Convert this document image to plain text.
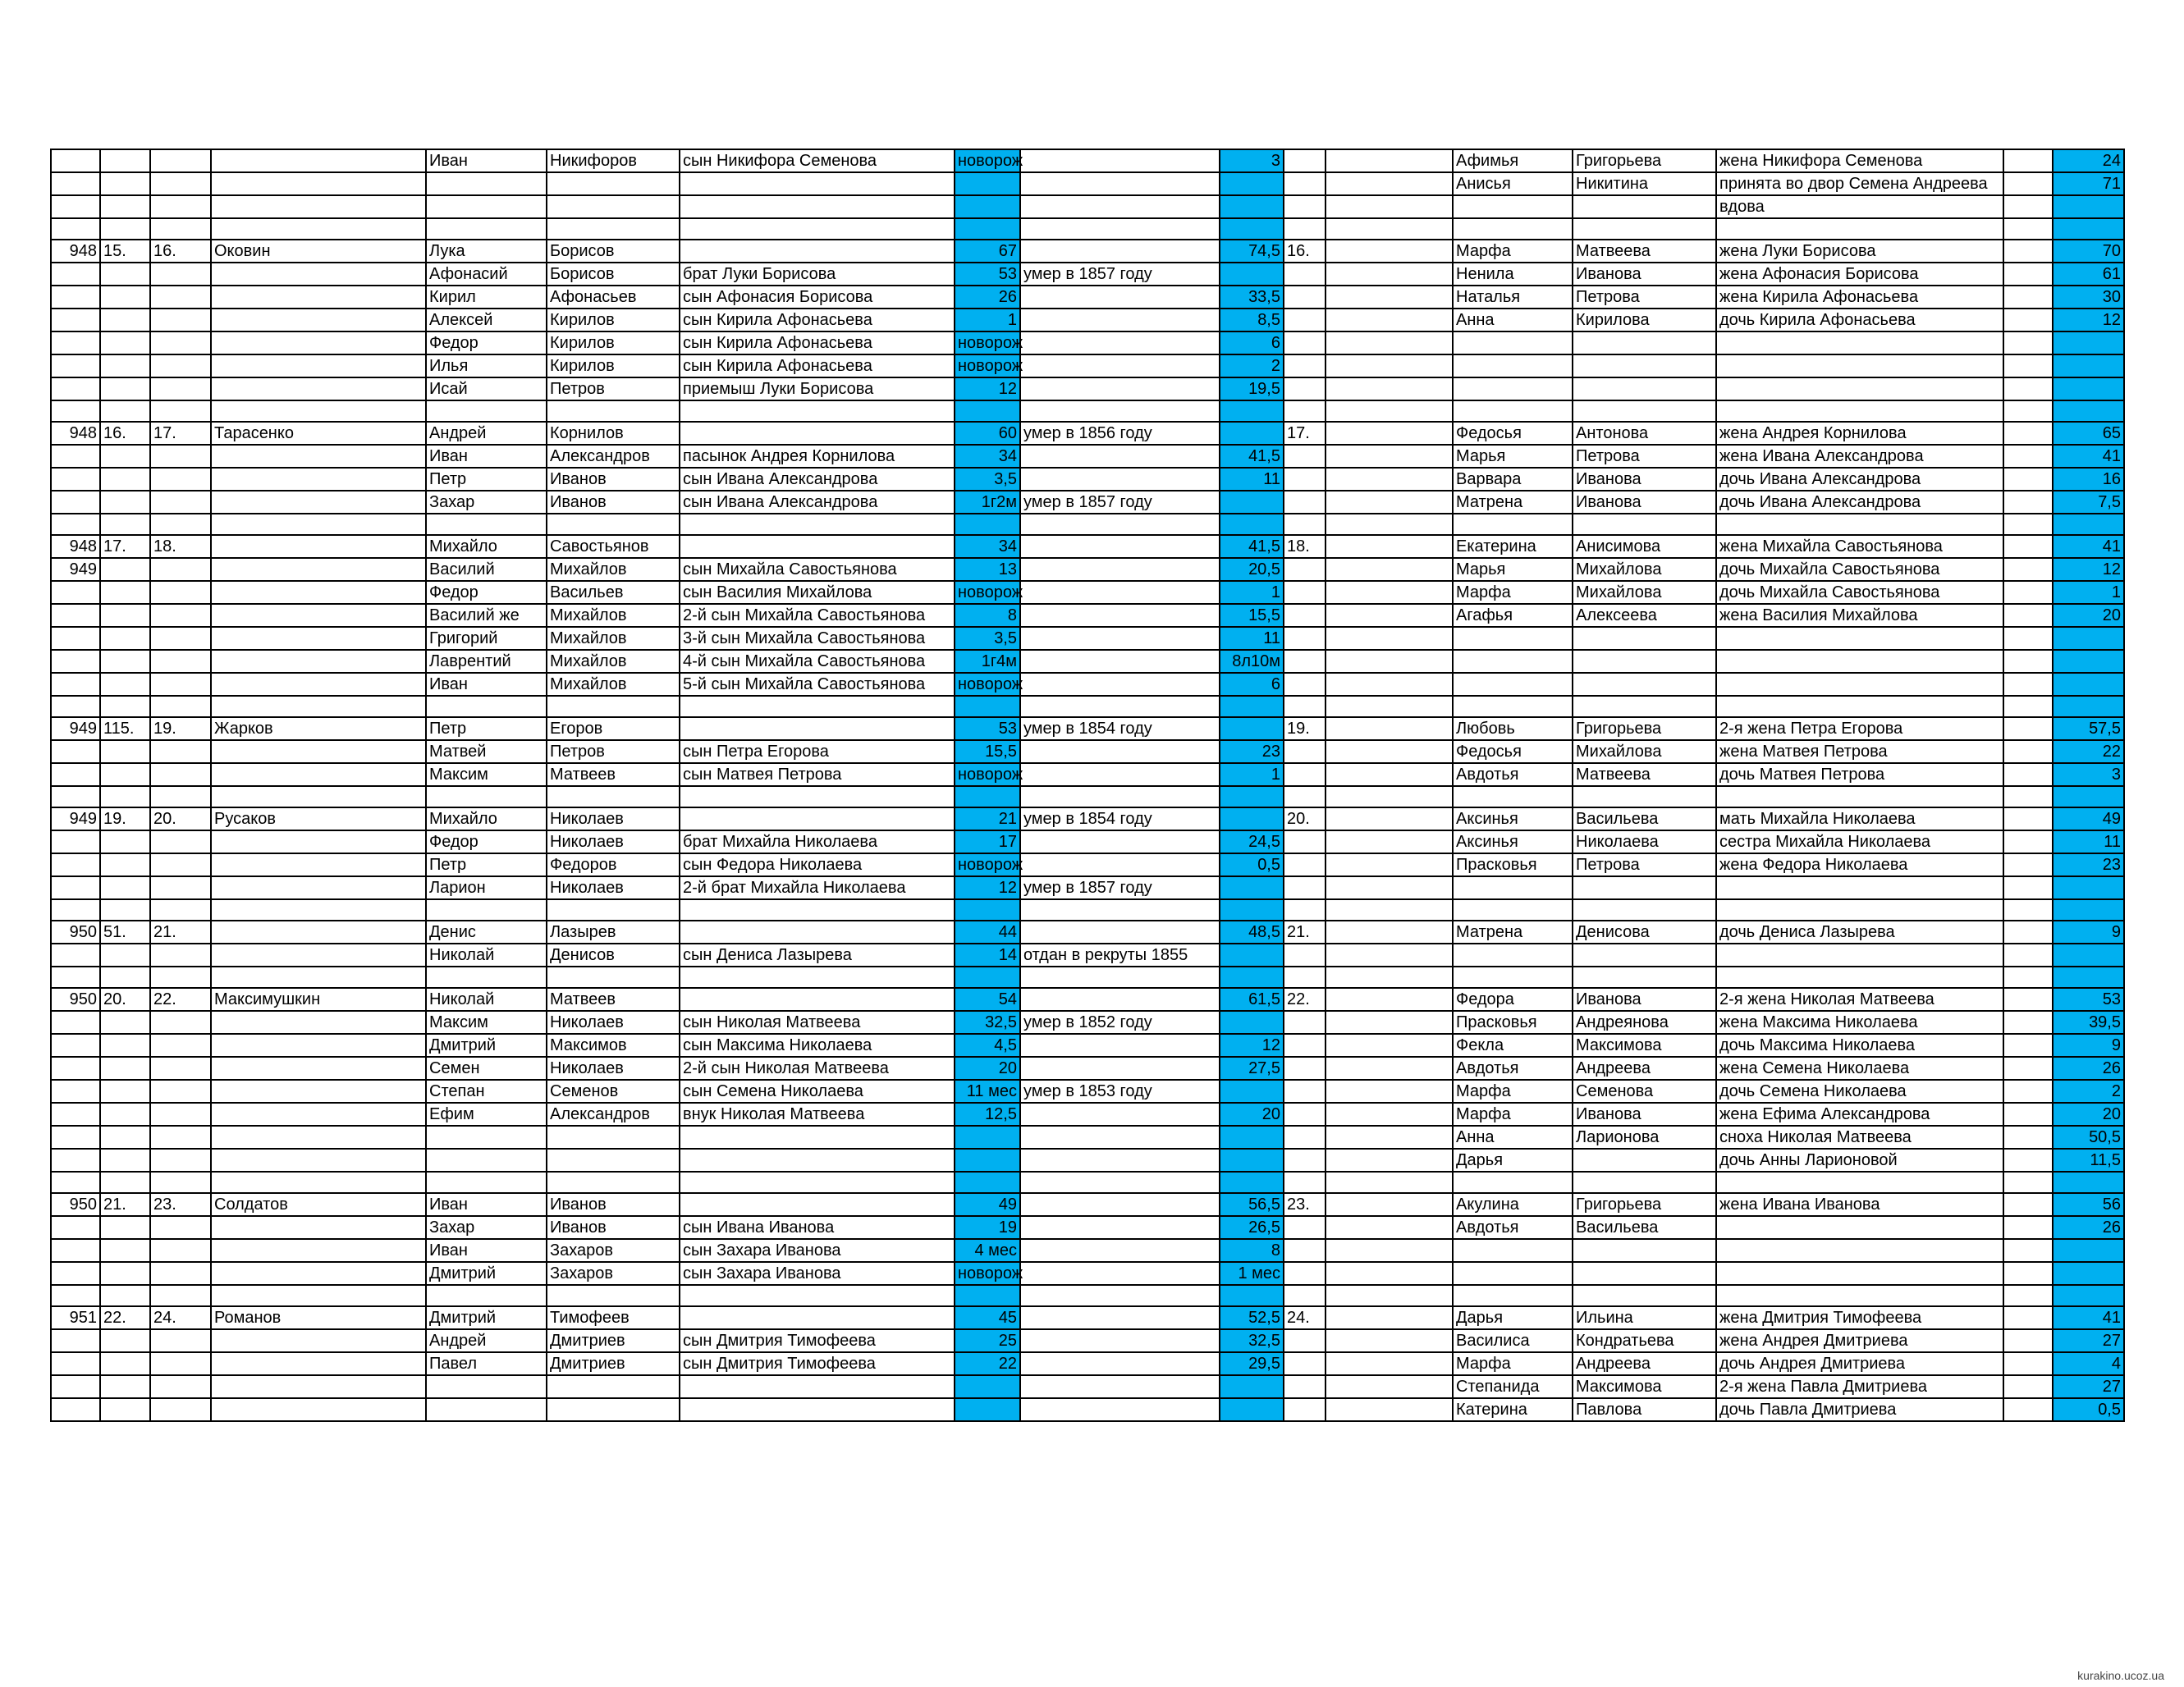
				Иван	Никифоров	сын Никифора Семенова	новорож		3			Афимья	Григорьева	жена Никифора Семенова		24
												Анисья	Никитина	принята во двор Семена Андреева		71
														вдова		

948	15.	16.	Оковин	Лука	Борисов		67		74,5	16.		Марфа	Матвеева	жена Луки Борисова		70
				Афонасий	Борисов	брат Луки Борисова	53	умер в 1857 году				Ненила	Иванова	жена Афонасия Борисова		61
				Кирил	Афонасьев	сын Афонасия Борисова	26		33,5			Наталья	Петрова	жена Кирила Афонасьева		30
				Алексей	Кирилов	сын Кирила Афонасьева	1		8,5			Анна	Кирилова	дочь Кирила Афонасьева		12
				Федор	Кирилов	сын Кирила Афонасьева	новорож		6							
				Илья	Кирилов	сын Кирила Афонасьева	новорож		2							
				Исай	Петров	приемыш Луки Борисова	12		19,5							

948	16.	17.	Тарасенко	Андрей	Корнилов		60	умер в 1856 году		17.		Федосья	Антонова	жена Андрея Корнилова		65
				Иван	Александров	пасынок Андрея Корнилова	34		41,5			Марья	Петрова	жена Ивана Александрова		41
				Петр	Иванов	сын Ивана Александрова	3,5		11			Варвара	Иванова	дочь Ивана Александрова		16
				Захар	Иванов	сын Ивана Александрова	1г2м	умер в 1857 году				Матрена	Иванова	дочь Ивана Александрова		7,5

948	17.	18.		Михайло	Савостьянов		34		41,5	18.		Екатерина	Анисимова	жена Михайла Савостьянова		41
949				Василий	Михайлов	сын Михайла Савостьянова	13		20,5			Марья	Михайлова	дочь Михайла Савостьянова		12
				Федор	Васильев	сын Василия Михайлова	новорож		1			Марфа	Михайлова	дочь Михайла Савостьянова		1
				Василий же	Михайлов	2-й сын Михайла Савостьянова	8		15,5			Агафья	Алексеева	жена Василия Михайлова		20
				Григорий	Михайлов	3-й сын Михайла Савостьянова	3,5		11							
				Лаврентий	Михайлов	4-й сын Михайла Савостьянова	1г4м		8л10м							
				Иван	Михайлов	5-й сын Михайла Савостьянова	новорож		6							

949	115.	19.	Жарков	Петр	Егоров		53	умер в 1854 году		19.		Любовь	Григорьева	2-я жена Петра Егорова		57,5
				Матвей	Петров	сын Петра Егорова	15,5		23			Федосья	Михайлова	жена Матвея Петрова		22
				Максим	Матвеев	сын Матвея Петрова	новорож		1			Авдотья	Матвеева	дочь Матвея Петрова		3

949	19.	20.	Русаков	Михайло	Николаев		21	умер в 1854 году		20.		Аксинья	Васильева	мать Михайла Николаева		49
				Федор	Николаев	брат Михайла Николаева	17		24,5			Аксинья	Николаева	сестра Михайла Николаева		11
				Петр	Федоров	сын Федора Николаева	новорож		0,5			Прасковья	Петрова	жена Федора Николаева		23
				Ларион	Николаев	2-й брат Михайла Николаева	12	умер в 1857 году								

950	51.	21.		Денис	Лазырев		44		48,5	21.		Матрена	Денисова	дочь Дениса Лазырева		9
				Николай	Денисов	сын Дениса Лазырева	14	отдан в рекруты 1855								

950	20.	22.	Максимушкин	Николай	Матвеев		54		61,5	22.		Федора	Иванова	2-я жена Николая Матвеева		53
				Максим	Николаев	сын Николая Матвеева	32,5	умер в 1852 году				Прасковья	Андреянова	жена Максима Николаева		39,5
				Дмитрий	Максимов	сын Максима Николаева	4,5		12			Фекла	Максимова	дочь Максима Николаева		9
				Семен	Николаев	2-й сын Николая Матвеева	20		27,5			Авдотья	Андреева	жена Семена Николаева		26
				Степан	Семенов	сын Семена Николаева	11 мес	умер в 1853 году				Марфа	Семенова	дочь Семена Николаева		2
				Ефим	Александров	внук Николая Матвеева	12,5		20			Марфа	Иванова	жена Ефима Александрова		20
												Анна	Ларионова	сноха Николая Матвеева		50,5
												Дарья		дочь Анны Ларионовой		11,5

950	21.	23.	Солдатов	Иван	Иванов		49		56,5	23.		Акулина	Григорьева	жена Ивана Иванова		56
				Захар	Иванов	сын Ивана Иванова	19		26,5			Авдотья	Васильева			26
				Иван	Захаров	сын Захара Иванова	4 мес		8							
				Дмитрий	Захаров	сын Захара Иванова	новорож		1 мес							

951	22.	24.	Романов	Дмитрий	Тимофеев		45		52,5	24.		Дарья	Ильина	жена Дмитрия Тимофеева		41
				Андрей	Дмитриев	сын Дмитрия Тимофеева	25		32,5			Василиса	Кондратьева	жена Андрея Дмитриева		27
				Павел	Дмитриев	сын Дмитрия Тимофеева	22		29,5			Марфа	Андреева	дочь Андрея Дмитриева		4
												Степанида	Максимова	2-я жена Павла Дмитриева		27
												Катерина	Павлова	дочь Павла Дмитриева		0,5
kurakino.ucoz.ua
